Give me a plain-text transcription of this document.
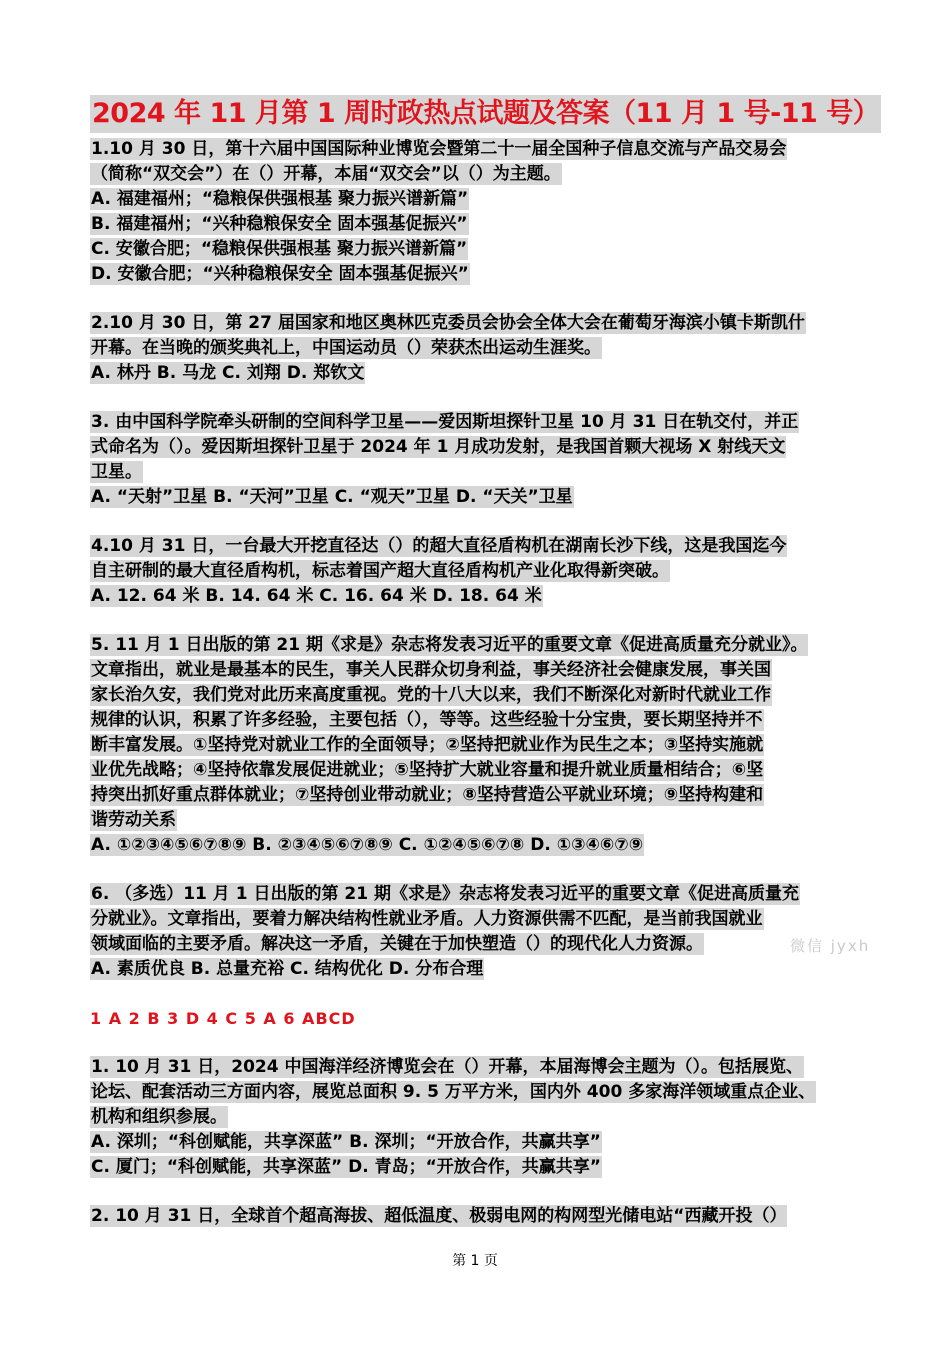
2024 年 11 月第 1 周时政热点试题及答案（11 月 1 号-11 号）
1.10 月 30 日，第十六届中国国际种业博览会暨第二十一届全国种子信息交流与产品交易会
（简称“双交会”）在（）开幕，本届“双交会”以（）为主题。
A. 福建福州；“稳粮保供强根基 聚力振兴谱新篇”
B. 福建福州；“兴种稳粮保安全 固本强基促振兴”
C. 安徽合肥；“稳粮保供强根基 聚力振兴谱新篇”
D. 安徽合肥；“兴种稳粮保安全 固本强基促振兴”
2.10 月 30 日，第 27 届国家和地区奥林匹克委员会协会全体大会在葡萄牙海滨小镇卡斯凯什
开幕。在当晚的颁奖典礼上，中国运动员（）荣获杰出运动生涯奖。
A. 林丹 B. 马龙 C. 刘翔 D. 郑钦文
3. 由中国科学院牵头研制的空间科学卫星——爱因斯坦探针卫星 10 月 31 日在轨交付，并正
式命名为（）。爱因斯坦探针卫星于 2024 年 1 月成功发射，是我国首颗大视场 X 射线天文
卫星。
A. “天射”卫星 B. “天河”卫星 C. “观天”卫星 D. “天关”卫星
4.10 月 31 日，一台最大开挖直径达（）的超大直径盾构机在湖南长沙下线，这是我国迄今
自主研制的最大直径盾构机，标志着国产超大直径盾构机产业化取得新突破。
A. 12. 64 米 B. 14. 64 米 C. 16. 64 米 D. 18. 64 米
5. 11 月 1 日出版的第 21 期《求是》杂志将发表习近平的重要文章《促进高质量充分就业》。
文章指出，就业是最基本的民生，事关人民群众切身利益，事关经济社会健康发展，事关国
家长治久安，我们党对此历来高度重视。党的十八大以来，我们不断深化对新时代就业工作
规律的认识，积累了许多经验，主要包括（），等等。这些经验十分宝贵，要长期坚持并不
断丰富发展。①坚持党对就业工作的全面领导；②坚持把就业作为民生之本；③坚持实施就
业优先战略；④坚持依靠发展促进就业；⑤坚持扩大就业容量和提升就业质量相结合；⑥坚
持突出抓好重点群体就业；⑦坚持创业带动就业；⑧坚持营造公平就业环境；⑨坚持构建和
谐劳动关系
A. ①②③④⑤⑥⑦⑧⑨ B. ②③④⑤⑥⑦⑧⑨ C. ①②④⑤⑥⑦⑧ D. ①③④⑥⑦⑨
6. （多选）11 月 1 日出版的第 21 期《求是》杂志将发表习近平的重要文章《促进高质量充
分就业》。文章指出，要着力解决结构性就业矛盾。人力资源供需不匹配，是当前我国就业
领域面临的主要矛盾。解决这一矛盾，关键在于加快塑造（）的现代化人力资源。
A. 素质优良 B. 总量充裕 C. 结构优化 D. 分布合理
1 A 2 B 3 D 4 C 5 A 6 ABCD
1. 10 月 31 日，2024 中国海洋经济博览会在（）开幕，本届海博会主题为（）。包括展览、
论坛、配套活动三方面内容，展览总面积 9. 5 万平方米，国内外 400 多家海洋领域重点企业、
机构和组织参展。
A. 深圳；“科创赋能，共享深蓝” B. 深圳；“开放合作，共赢共享”
C. 厦门；“科创赋能，共享深蓝” D. 青岛；“开放合作，共赢共享”
2. 10 月 31 日，全球首个超高海拔、超低温度、极弱电网的构网型光储电站“西藏开投（）
微信 jyxh
第 1 页
